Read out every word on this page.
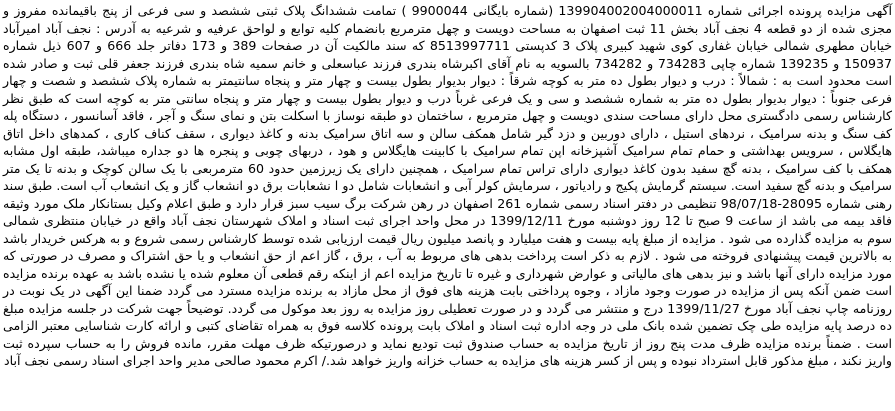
آگهی مزایده پرونده اجرائی شماره 139904002004000011 (شماره بایگانی 9900044 ) تمامت ششدانگ پلاک ثبتی ششصد و سی فرعی از پنج باقیمانده مفروز و مجزی شده از دو قطعه 4 نجف آباد بخش 11 ثبت اصفهان به مساحت دویست و چهل مترمربع بانضمام کلیه توابع و لواحق عرفیه و شرعیه به آدرس : نجف آباد امیرآباد خیابان مطهری شمالی خیابان غفاری کوی شهید کبیری پلاک 3 کدپستی 8513997711 که سند مالکیت آن در صفحات 389 و 173 دفاتر جلد 666 و 607 ذیل شماره 150937 و 139235 شماره چاپی 734283 و 734282 بالسویه به نام آقای اکبرشاه بندری فرزند عباسعلی و خانم سمیه شاه بندری فرزند جعفر قلی ثبت و صادر شده است محدود است به : شمالاً : درب و دیوار بطول ده متر به کوچه شرقاً : دیوار بدیوار بطول بیست و چهار متر و پنجاه سانتیمتر به شماره پلاک ششصد و شصت و چهار فرعی جنوباً : دیوار بدیوار بطول ده متر به شماره ششصد و سی و یک فرعی غرباً درب و دیوار بطول بیست و چهار متر و پنجاه سانتی متر به کوچه است که طبق نظر کارشناس رسمی دادگستری محل دارای مساحت سندی دویست و چهل مترمربع ، ساختمان دو طبقه نوساز با اسکلت بتن و نمای سنگ و آجر ، فاقد آسانسور ، دستگاه پله کف سنگ و بدنه سرامیک ، نردهای استیل ، دارای دوربین و دزد گیر شامل همکف سالن و سه اتاق سرامیک بدنه و کاغذ دیواری ، سقف کناف کاری ، کمدهای داخل اتاق هایگلاس ، سرویس بهداشتی و حمام تمام سرامیک آشپزخانه اپن تمام سرامیک با کابینت هایگلاس و هود ، دربهای چوبی و پنجره ها دو جداره میباشد، طبقه اول مشابه همکف با کف سرامیک ، بدنه گچ سفید بدون کاغذ دیواری دارای تراس تمام سرامیک ، همچنین دارای یک زیرزمین حدود 60 مترمربعی با یک سالن کوچک و بدنه تا یک متر سرامیک و بدنه گچ سفید است. سیستم گرمایش پکیج و رادیاتور ، سرمایش کولر آبی و انشعابات شامل دو ا نشعابات برق دو انشعاب گاز و یک انشعاب آب است. طبق سند رهنی شماره 28095-98/07/18 تنظیمی در دفتر اسناد رسمی شماره 261 اصفهان در رهن شرکت برگ سیب سبز قرار دارد و طبق اعلام وکیل بستانکار ملک مورد وثیقه فاقد بیمه می باشد از ساعت 9 صبح تا 12 روز دوشنبه مورخ 1399/12/11 در محل واحد اجرای ثبت اسناد و املاک شهرستان نجف آباد واقع در خیابان منتظری شمالی سوم به مزایده گذارده می شود . مزایده از مبلغ پایه بیست و هفت میلیارد و پانصد میلیون ریال قیمت ارزیابی شده توسط کارشناس رسمی شروع و به هرکس خریدار باشد به بالاترین قیمت پیشنهادی فروخته می شود . لازم به ذکر است پرداخت بدهی های مربوط به آب ، برق ، گاز اعم از حق انشعاب و یا حق اشتراک و مصرف در صورتی که مورد مزایده دارای آنها باشد و نیز بدهی های مالیاتی و عوارض شهرداری و غیره تا تاریخ مزایده اعم از اینکه رقم قطعی آن معلوم شده یا نشده باشد به عهده برنده مزایده است ضمن آنکه پس از مزایده در صورت وجود مازاد ، وجوه پرداختی بابت هزینه های فوق از محل مازاد به برنده مزایده مسترد می گردد ضمنا این آگهی در یک نوبت در روزنامه چاپ نجف آباد مورخ 1399/11/27 درج و منتشر می گردد و در صورت تعطیلی روز مزایده به روز بعد موکول می گردد. توضیحاً جهت شرکت در جلسه مزایده مبلغ ده درصد پایه مزایده طی چک تضمین شده بانک ملی در وجه اداره ثبت اسناد و املاک بابت پرونده کلاسه فوق به همراه تقاضای کتبی و ارائه کارت شناسایی معتبر الزامی است . ضمناً برنده مزایده ظرف مدت پنج روز از تاریخ مزایده به حساب صندوق ثبت تودیع نماید و درصورتیکه ظرف مهلت مقرر، مانده فروش را به حساب سپرده ثبت واریز نکند ، مبلغ مذکور قابل استرداد نبوده و پس از کسر هزینه های مزایده به حساب خزانه واریز خواهد شد./ اکرم محمود صالحی مدیر واحد اجرای اسناد رسمی نجف آباد
